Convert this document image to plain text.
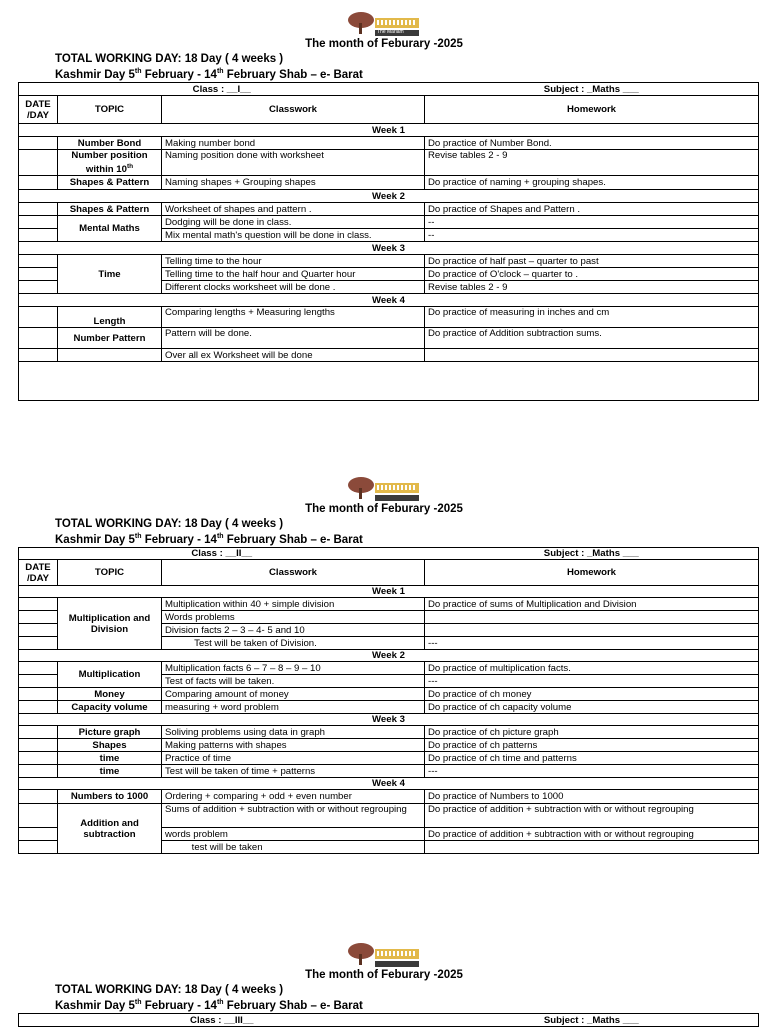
The Mariam
The month of Feburary -2025
TOTAL WORKING DAY: 18 Day ( 4 weeks )
Kashmir Day 5th February - 14th February Shab – e- Barat
Class : __I__			Subject : _Maths ___
DATE /DAY	TOPIC	Classwork	Homework
Week 1			
	Number Bond	Making number bond	Do practice of Number Bond.
	Number position within 10th	Naming position done with worksheet	Revise tables 2 - 9
	Shapes & Pattern	Naming shapes + Grouping shapes	Do practice of naming + grouping shapes.
Week 2			
	Shapes & Pattern	Worksheet of shapes and pattern .	Do practice of Shapes and Pattern .
	Mental Maths	Dodging will be done in class.	--
		Mix mental math's question will be done in class.	--
Week 3			
	Time	Telling time to the hour	Do practice of half past – quarter to past
		Telling time to the half hour and Quarter hour	Do practice of O'clock – quarter to .
		Different clocks worksheet will be done .	Revise tables 2 - 9
Week 4			
	Length	Comparing lengths + Measuring lengths	Do practice of measuring in inches and cm
	Number Pattern	Pattern will be done.	Do practice of Addition subtraction sums.
		Over all ex Worksheet will be done	

The month of Feburary -2025
TOTAL WORKING DAY: 18 Day ( 4 weeks )
Kashmir Day 5th February - 14th February Shab – e- Barat
Class : __II__			Subject : _Maths ___
DATE /DAY	TOPIC	Classwork	Homework
Week 1			
	Multiplication and Division	Multiplication within 40 + simple division	Do practice of sums of Multiplication and Division
		Words problems	
		Division facts 2 – 3 – 4- 5 and 10	
		Test will be taken of Division.	---
Week 2			
	Multiplication	Multiplication facts 6 – 7 – 8 – 9 – 10	Do practice of multiplication facts.
		Test of facts will be taken.	---
	Money	Comparing amount of money	Do practice of ch money
	Capacity volume	measuring + word problem	Do practice of ch capacity volume
Week 3			
	Picture graph	Soliving problems using data in graph	Do practice of ch picture graph
	Shapes	Making patterns with shapes	Do practice of ch patterns
	time	Practice of time	Do practice of ch time and patterns
	time	Test will be taken of time + patterns	---
Week 4			
	Numbers to 1000	Ordering + comparing + odd + even number	Do practice of Numbers to 1000
	Addition and subtraction	Sums of addition + subtraction with or without regrouping	Do practice of addition + subtraction with or without regrouping
		words problem	Do practice of addition + subtraction with or without regrouping
		test will be taken	
The month of Feburary -2025
TOTAL WORKING DAY: 18 Day ( 4 weeks )
Kashmir Day 5th February - 14th February Shab – e- Barat
Class : __III__	Subject : _Maths ___
